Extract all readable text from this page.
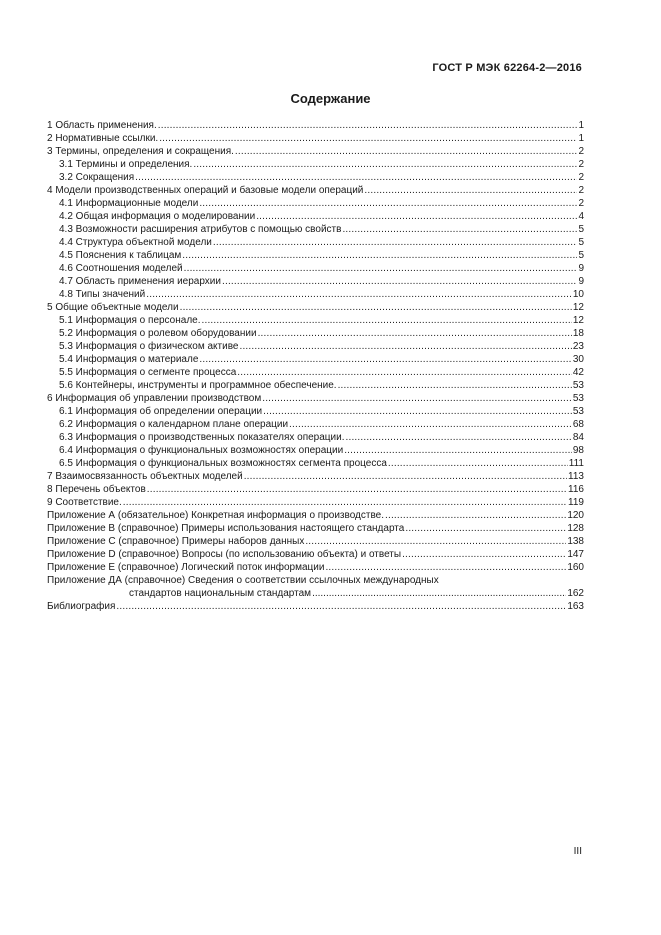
ГОСТ Р МЭК 62264-2—2016
Содержание
1 Область применения. .....	1
2 Нормативные ссылки. .....	1
3 Термины, определения и сокращения. .....	2
3.1 Термины и определения. .....	2
3.2 Сокращения .....	2
4 Модели производственных операций и базовые модели операций .....	2
4.1 Информационные модели .....	2
4.2 Общая информация о моделировании .....	4
4.3 Возможности расширения атрибутов с помощью свойств .....	5
4.4 Структура объектной модели .....	5
4.5 Пояснения к таблицам .....	5
4.6 Соотношения моделей .....	9
4.7 Область применения иерархии .....	9
4.8 Типы значений .....	10
5 Общие объектные модели .....	12
5.1 Информация о персонале. .....	12
5.2 Информация о ролевом оборудовании .....	18
5.3 Информация о физическом активе .....	23
5.4 Информация о материале .....	30
5.5 Информация о сегменте процесса .....	42
5.6 Контейнеры, инструменты и программное обеспечение. .....	53
6 Информация об управлении производством .....	53
6.1 Информация об определении операции .....	53
6.2 Информация о календарном плане операции .....	68
6.3 Информация о производственных показателях операции. .....	84
6.4 Информация о функциональных возможностях операции .....	98
6.5 Информация о функциональных возможностях сегмента процесса .....	111
7 Взаимосвязанность объектных моделей .....	113
8 Перечень объектов .....	116
9 Соответствие. .....	119
Приложение А (обязательное) Конкретная информация о производстве. .....	120
Приложение В (справочное) Примеры использования настоящего стандарта .....	128
Приложение С (справочное) Примеры наборов данных .....	138
Приложение D (справочное) Вопросы (по использованию объекта) и ответы .....	147
Приложение Е (справочное) Логический поток информации .....	160
Приложение ДА (справочное) Сведения о соответствии ссылочных международных
стандартов национальным стандартам .....	162
Библиография .....	163
III
